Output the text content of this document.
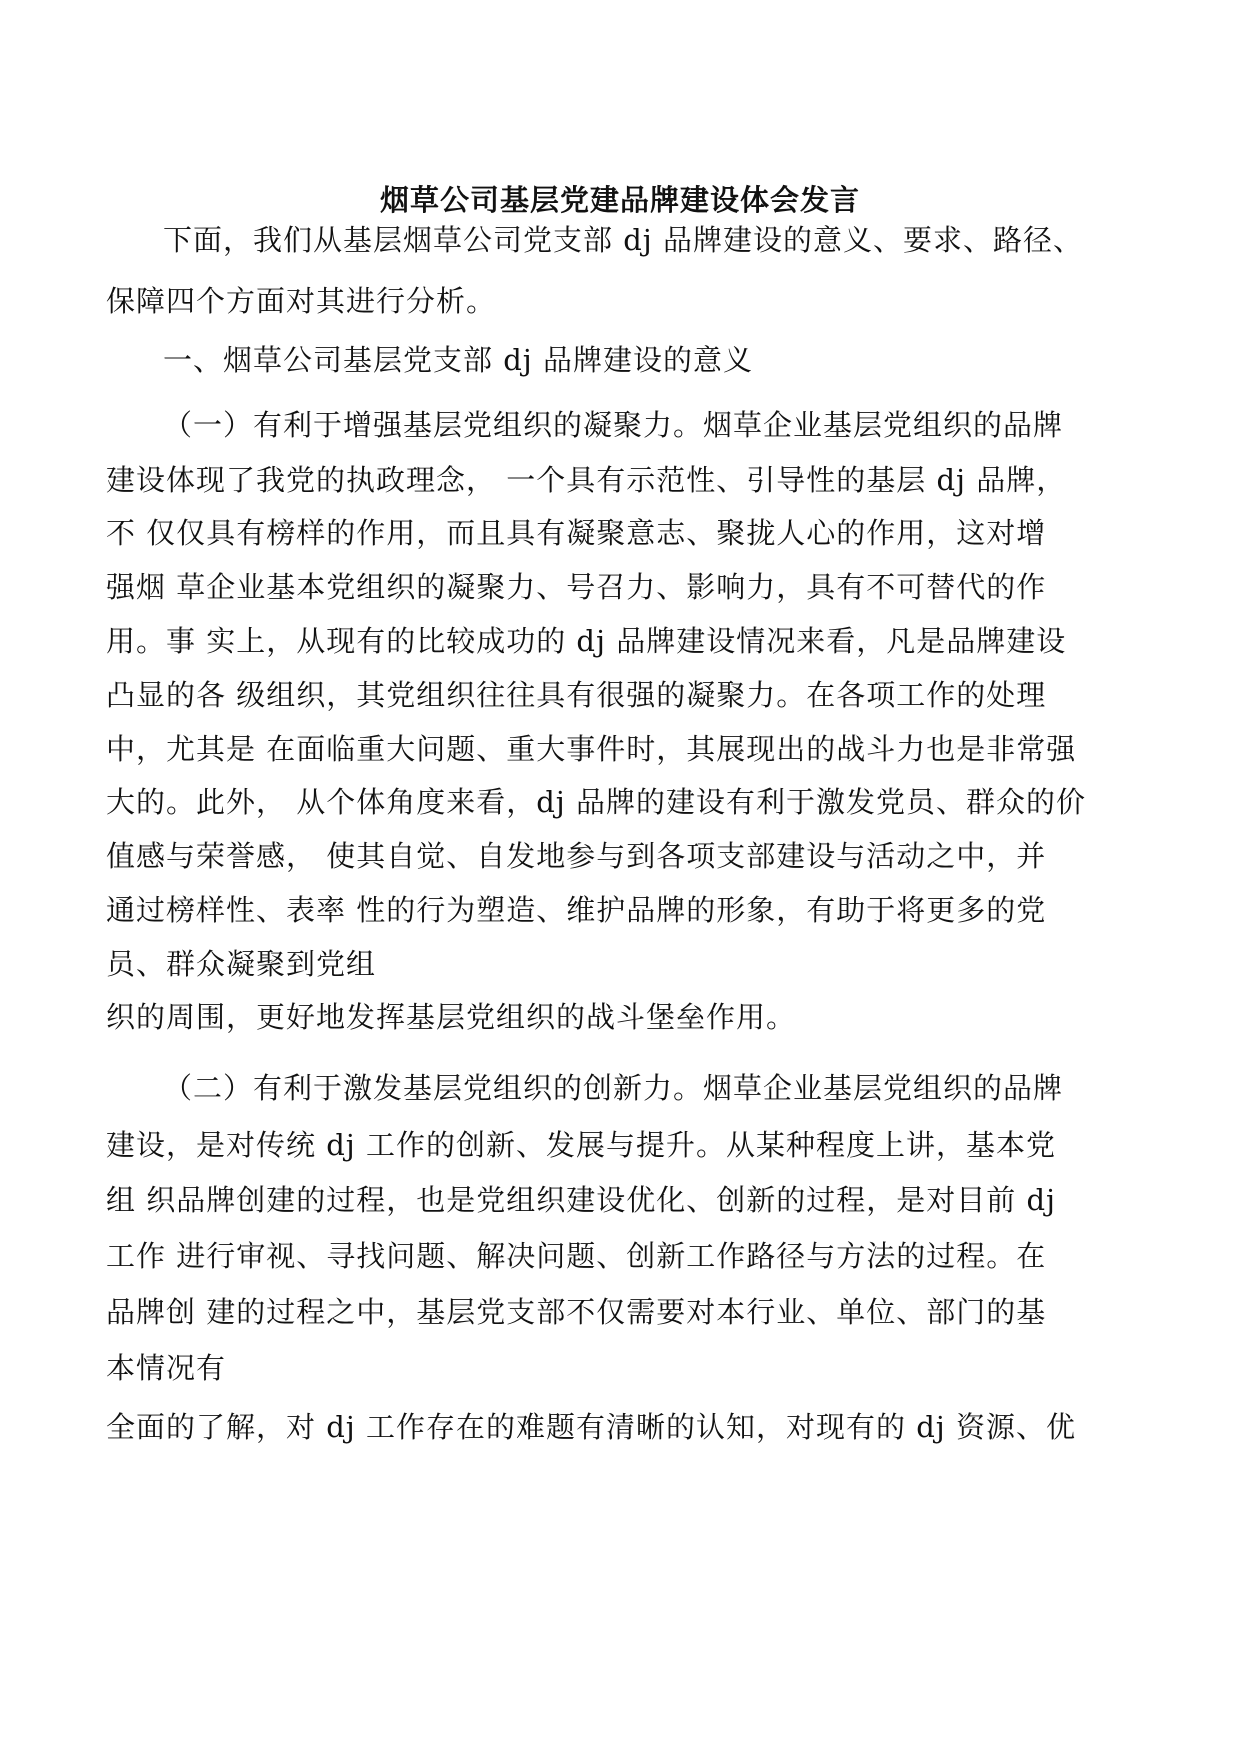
烟草公司基层党建品牌建设体会发言
下面，我们从基层烟草公司党支部 dj 品牌建设的意义、要求、路径、
保障四个方面对其进行分析。
一、烟草公司基层党支部 dj 品牌建设的意义
（一）有利于增强基层党组织的凝聚力。烟草企业基层党组织的品牌
建设体现了我党的执政理念， 一个具有示范性、引导性的基层 dj 品牌，
不 仅仅具有榜样的作用，而且具有凝聚意志、聚拢人心的作用，这对增
强烟 草企业基本党组织的凝聚力、号召力、影响力，具有不可替代的作
用。事 实上，从现有的比较成功的 dj 品牌建设情况来看，凡是品牌建设
凸显的各 级组织，其党组织往往具有很强的凝聚力。在各项工作的处理
中，尤其是 在面临重大问题、重大事件时，其展现出的战斗力也是非常强
大的。此外， 从个体角度来看，dj 品牌的建设有利于激发党员、群众的价
值感与荣誉感， 使其自觉、自发地参与到各项支部建设与活动之中，并
通过榜样性、表率 性的行为塑造、维护品牌的形象，有助于将更多的党
员、群众凝聚到党组
织的周围，更好地发挥基层党组织的战斗堡垒作用。
（二）有利于激发基层党组织的创新力。烟草企业基层党组织的品牌
建设，是对传统 dj 工作的创新、发展与提升。从某种程度上讲，基本党
组 织品牌创建的过程，也是党组织建设优化、创新的过程，是对目前 dj
工作 进行审视、寻找问题、解决问题、创新工作路径与方法的过程。在
品牌创 建的过程之中，基层党支部不仅需要对本行业、单位、部门的基
本情况有
全面的了解，对 dj 工作存在的难题有清晰的认知，对现有的 dj 资源、优
